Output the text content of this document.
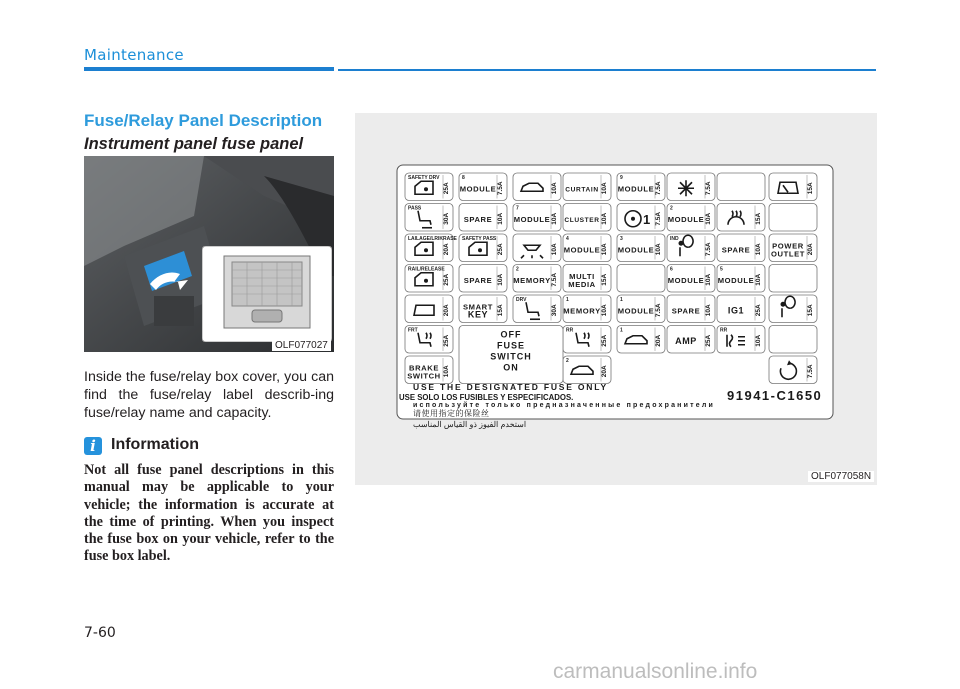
Maintenance
Fuse/Relay Panel Description
Instrument panel fuse panel
OLF077027
Inside the fuse/relay box cover, you can find the fuse/relay label describ-ing fuse/relay name and capacity.
i Information
Not all fuse panel descriptions in this manual may be applicable to your vehicle; the information is accurate at the time of printing. When you inspect the fuse box on your vehicle, refer to the fuse box label.
7-60
SAFETY DRV
25A
PASS
30A
LAILAGE/LRIKRASE
20A
RAIL/RELEASE
25A
20A
FRT
25A
BRAKE
SWITCH 10A
8
MODULE 7.5A
SPARE 10A
SAFETY PASS
25A
SPARE 10A
SMART
KEY 15A
10A
7
MODULE 10A
10A
2
MEMORY 7.5A
DRV
30A
CURTAIN 10A
CLUSTER 10A
4
MODULE 10A
MULTI
MEDIA 15A
1
MEMORY 10A
RR
25A
2
20A
9
MODULE 7.5A
1 7.5A
3
MODULE 10A
1
MODULE 7.5A
1
20A
7.5A
2
MODULE 10A
IND
7.5A
6
MODULE 10A
SPARE 10A
AMP 25A
15A
SPARE 10A
5
MODULE 10A
IG1 25A
RR
10A
15A
POWER
OUTLET 20A
15A
7.5A
OFF
FUSE
SWITCH
ON
USE THE DESIGNATED FUSE ONLY
USE SOLO LOS FUSIBLES Y ESPECIFICADOS.
используйте только предназначенные предохранители
请使用指定的保险丝
استخدم الفيوز ذو القياس المناسب
91941-C1650
OLF077058N
carmanualsonline.info
